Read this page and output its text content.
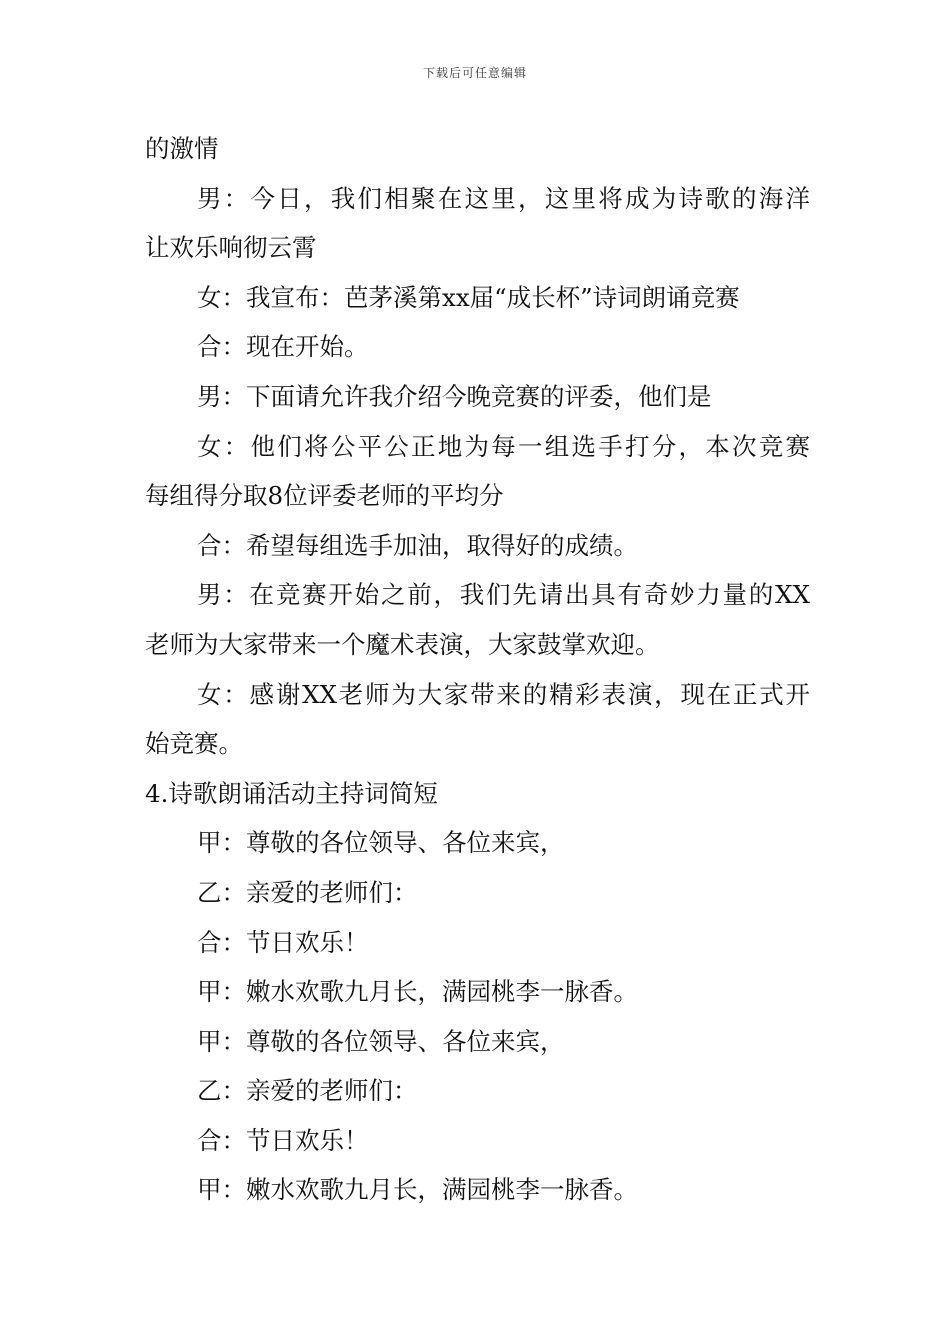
下载后可任意编辑
的激情
男：今日，我们相聚在这里，这里将成为诗歌的海洋
让欢乐响彻云霄
女：我宣布：芭茅溪第xx届“成长杯”诗词朗诵竞赛
合：现在开始。
男：下面请允许我介绍今晚竞赛的评委，他们是
女：他们将公平公正地为每一组选手打分，本次竞赛
每组得分取8位评委老师的平均分
合：希望每组选手加油，取得好的成绩。
男：在竞赛开始之前，我们先请出具有奇妙力量的XX
老师为大家带来一个魔术表演，大家鼓掌欢迎。
女：感谢XX老师为大家带来的精彩表演，现在正式开
始竞赛。
4.诗歌朗诵活动主持词简短
甲：尊敬的各位领导、各位来宾，
乙：亲爱的老师们：
合：节日欢乐！
甲：嫩水欢歌九月长，满园桃李一脉香。
甲：尊敬的各位领导、各位来宾，
乙：亲爱的老师们：
合：节日欢乐！
甲：嫩水欢歌九月长，满园桃李一脉香。
